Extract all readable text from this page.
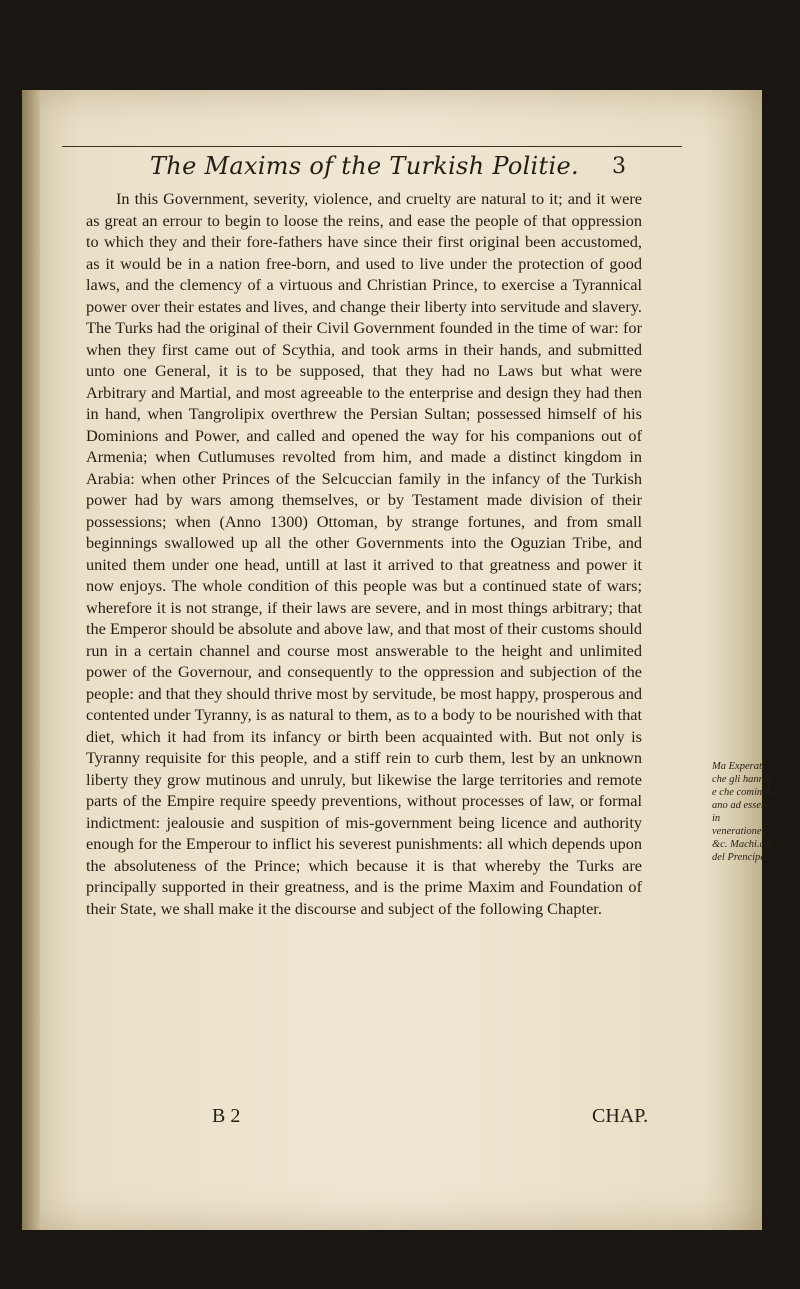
The Maxims of the Turkish Politie. 3

In this Government, severity, violence, and cruelty are natural to it; and it were as great an errour to begin to loose the reins, and ease the people of that oppression to which they and their fore-fathers have since their first original been accustomed, as it would be in a nation free-born, and used to live under the protection of good laws, and the clemency of a virtuous and Christian Prince, to exercise a Tyrannical power over their estates and lives, and change their liberty into servitude and slavery. The Turks had the original of their Civil Government founded in the time of war: for when they first came out of Scythia, and took arms in their hands, and submitted unto one General, it is to be supposed, that they had no Laws but what were Arbitrary and Martial, and most agreeable to the enterprise and design they had then in hand, when Tangrolipix overthrew the Persian Sultan; possessed himself of his Dominions and Power, and called and opened the way for his companions out of Armenia; when Cutlumuses revolted from him, and made a distinct kingdom in Arabia: when other Princes of the Selcuccian family in the infancy of the Turkish power had by wars among themselves, or by Testament made division of their possessions; when (Anno 1300) Ottoman, by strange fortunes, and from small beginnings swallowed up all the other Governments into the Oguzian Tribe, and united them under one head, untill at last it arrived to that greatness and power it now enjoys. The whole condition of this people was but a continued state of wars; wherefore it is not strange, if their laws are severe, and in most things arbitrary; that the Emperor should be absolute and above law, and that most of their customs should run in a certain channel and course most answerable to the height and unlimited power of the Governour, and consequently to the oppression and subjection of the people: and that they should thrive most by servitude, be most happy, prosperous and contented under Tyranny, is as natural to them, as to a body to be nourished with that diet, which it had from its infancy or birth been acquainted with. But not only is Tyranny requisite for this people, and a stiff rein to curb them, lest by an unknown liberty they grow mutinous and unruly, but likewise the large territories and remote parts of the Empire require speedy preventions, without processes of law, or formal indictment: jealousie and suspition of mis-government being licence and authority enough for the Emperour to inflict his severest punishments: all which depends upon the absoluteness of the Prince; which because it is that whereby the Turks are principally supported in their greatness, and is the prime Maxim and Foundation of their State, we shall make it the discourse and subject of the following Chapter.

Ma Experati
che gli hanno,
e che comincî-
ano ad essere in
veneratione,
&c. Machi.c.6.
del Prencipe.
B 2	CHAP.
